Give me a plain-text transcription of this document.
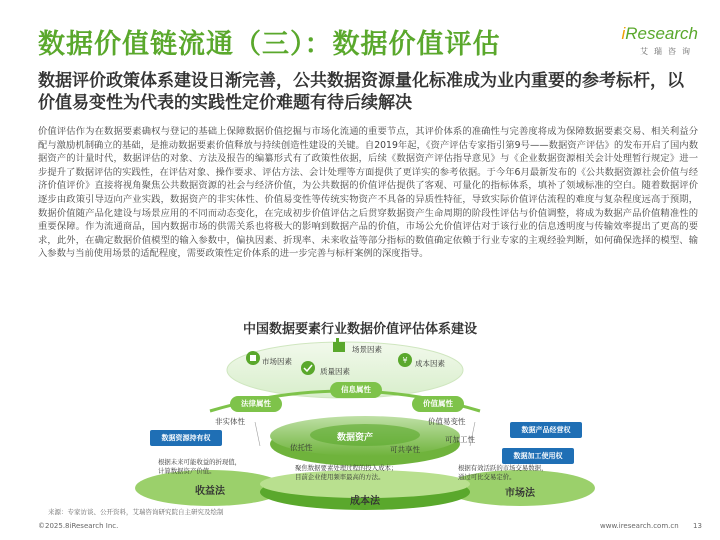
数据价值链流通（三）：数据价值评估	iResearch
艾瑞咨询
数据评价政策体系建设日渐完善，公共数据资源量化标准成为业内重要的参考标杆，以价值易变性为代表的实践性定价难题有待后续解决
价值评估作为在数据要素确权与登记的基础上保障数据价值挖掘与市场化流通的重要节点，其评价体系的准确性与完善度将成为保障数据要素交易、相关利益分配与激励机制确立的基础，是推动数据要素价值释放与持续创造性建设的关键。自2019年起，《资产评估专家指引第9号——数据资产评估》的发布开启了国内数据资产的计量时代，数据评估的对象、方法及报告的编纂形式有了政策性依据，后续《数据资产评估指导意见》与《企业数据资源相关会计处理暂行规定》进一步提升了数据评估的实践性，在评估对象、操作要求、评估方法、会计处理等方面提供了更详实的参考依据。于今年6月最新发布的《公共数据资源社会价值与经济价值评价》直接将视角聚焦公共数据资源的社会与经济价值，为公共数据的价值评估提供了客观、可量化的指标体系，填补了领域标准的空白。随着数据评价逐步由政策引导迈向产业实践，数据资产的非实体性、价值易变性等传统实物资产不具备的异质性特征，导致实际价值评估流程的难度与复杂程度远高于预期，数据价值随产品化建设与场景应用的不同而动态变化，在完成初步价值评估之后贯穿数据资产生命周期的阶段性评估与价值调整，将成为数据产品价值精准性的重要保障。作为流通商品，国内数据市场的供需关系也将极大的影响到数据产品的价值，市场公允价值评估对于该行业的信息透明度与传输效率提出了更高的要求，此外，在确定数据价值模型的输入参数中，偏执因素、折现率、未来收益等部分指标的数值确定依赖于行业专家的主观经验判断，如何确保选择的模型、输入参数与当前使用场景的适配程度，需要政策性定价体系的进一步完善与标杆案例的深度指导。
中国数据要素行业数据价值评估体系建设
¥
市场因素
场景因素
质量因素
成本因素
信息属性
法律属性	价值属性
非实体性	价值易变性
依托性	可共享性
可加工性
数据资产
数据资源持有权
数据产品经营权
数据加工使用权
根据未来可能收益的折现值，
计算数据资产价值。	聚焦数据要素处理过程的投入成本；
目前企业使用频率最高的方法。
根据有效活跃的市场交易数据，
通过可比交易定价。
收益法
成本法
市场法
来源：专家访谈、公开资料，艾瑞咨询研究院自主研究及绘制
©2025.8iResearch Inc.	www.iresearch.com.cn 13
